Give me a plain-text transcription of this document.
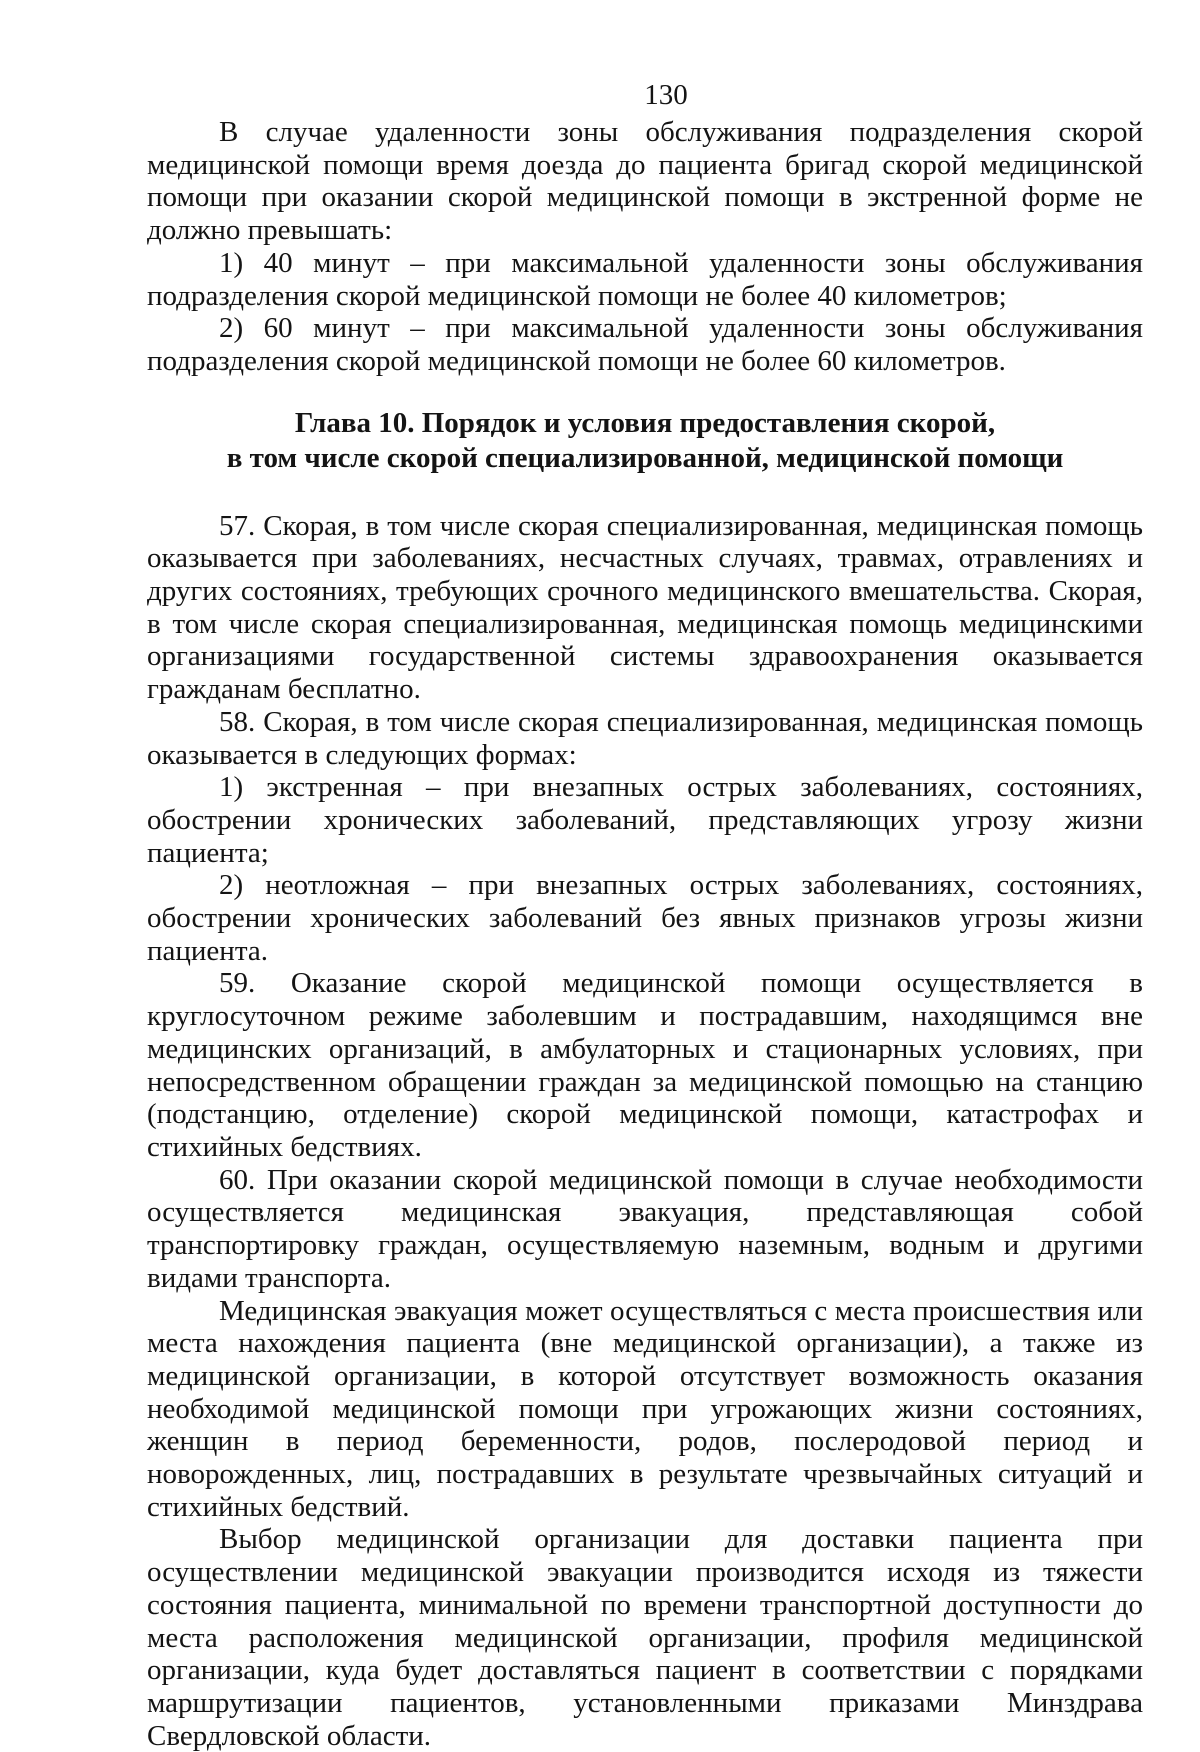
130

В случае удаленности зоны обслуживания подразделения скорой медицинской помощи время доезда до пациента бригад скорой медицинской помощи при оказании скорой медицинской помощи в экстренной форме не должно превышать:

1) 40 минут – при максимальной удаленности зоны обслуживания подразделения скорой медицинской помощи не более 40 километров;

2) 60 минут – при максимальной удаленности зоны обслуживания подразделения скорой медицинской помощи не более 60 километров.

Глава 10. Порядок и условия предоставления скорой,
в том числе скорой специализированной, медицинской помощи

57. Скорая, в том числе скорая специализированная, медицинская помощь оказывается при заболеваниях, несчастных случаях, травмах, отравлениях и других состояниях, требующих срочного медицинского вмешательства. Скорая, в том числе скорая специализированная, медицинская помощь медицинскими организациями государственной системы здравоохранения оказывается гражданам бесплатно.

58. Скорая, в том числе скорая специализированная, медицинская помощь оказывается в следующих формах:

1) экстренная – при внезапных острых заболеваниях, состояниях, обострении хронических заболеваний, представляющих угрозу жизни пациента;

2) неотложная – при внезапных острых заболеваниях, состояниях, обострении хронических заболеваний без явных признаков угрозы жизни пациента.

59. Оказание скорой медицинской помощи осуществляется в круглосуточном режиме заболевшим и пострадавшим, находящимся вне медицинских организаций, в амбулаторных и стационарных условиях, при непосредственном обращении граждан за медицинской помощью на станцию (подстанцию, отделение) скорой медицинской помощи, катастрофах и стихийных бедствиях.

60. При оказании скорой медицинской помощи в случае необходимости осуществляется медицинская эвакуация, представляющая собой транспортировку граждан, осуществляемую наземным, водным и другими видами транспорта.

Медицинская эвакуация может осуществляться с места происшествия или места нахождения пациента (вне медицинской организации), а также из медицинской организации, в которой отсутствует возможность оказания необходимой медицинской помощи при угрожающих жизни состояниях, женщин в период беременности, родов, послеродовой период и новорожденных, лиц, пострадавших в результате чрезвычайных ситуаций и стихийных бедствий.

Выбор медицинской организации для доставки пациента при осуществлении медицинской эвакуации производится исходя из тяжести состояния пациента, минимальной по времени транспортной доступности до места расположения медицинской организации, профиля медицинской организации, куда будет доставляться пациент в соответствии с порядками маршрутизации пациентов, установленными приказами Минздрава Свердловской области.
